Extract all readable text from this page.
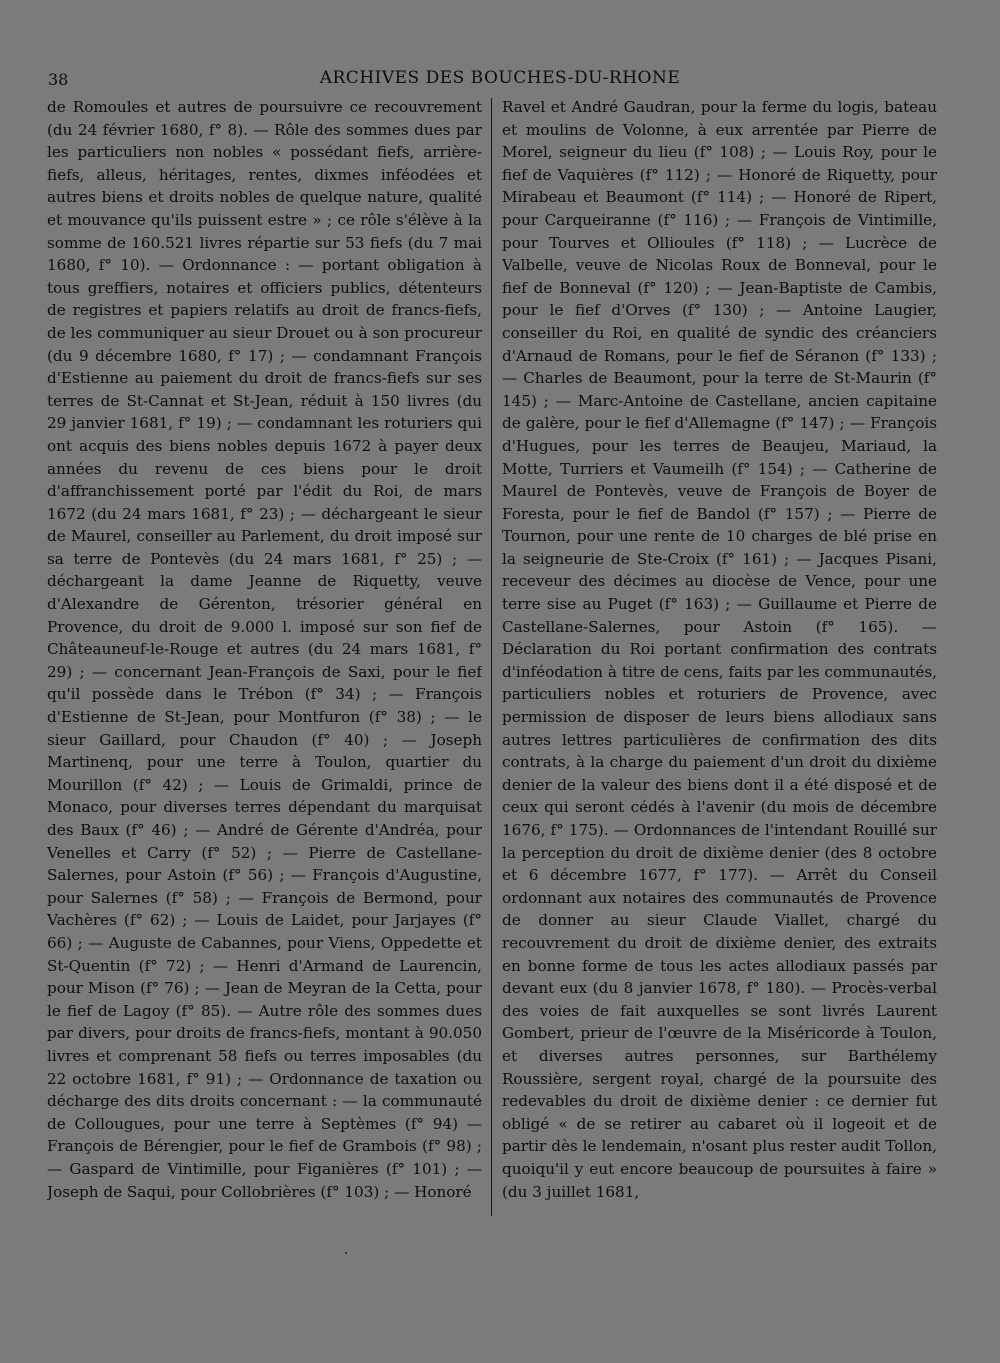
38	ARCHIVES DES BOUCHES-DU-RHONE

de Romoules et autres de poursuivre ce recouvrement (du 24 février 1680, f° 8). — Rôle des sommes dues par les particuliers non nobles « possédant fiefs, arrière-fiefs, alleus, héritages, rentes, dixmes inféodées et autres biens et droits nobles de quelque nature, qualité et mouvance qu'ils puissent estre » ; ce rôle s'élève à la somme de 160.521 livres répartie sur 53 fiefs (du 7 mai 1680, f° 10). — Ordonnance : — portant obligation à tous greffiers, notaires et officiers publics, détenteurs de registres et papiers relatifs au droit de francs-fiefs, de les communiquer au sieur Drouet ou à son procureur (du 9 décembre 1680, f° 17) ; — condamnant François d'Estienne au paiement du droit de francs-fiefs sur ses terres de St-Cannat et St-Jean, réduit à 150 livres (du 29 janvier 1681, f° 19) ; — condamnant les roturiers qui ont acquis des biens nobles depuis 1672 à payer deux années du revenu de ces biens pour le droit d'affranchissement porté par l'édit du Roi, de mars 1672 (du 24 mars 1681, f° 23) ; — déchargeant le sieur de Maurel, conseiller au Parlement, du droit imposé sur sa terre de Pontevès (du 24 mars 1681, f° 25) ; — déchargeant la dame Jeanne de Riquetty, veuve d'Alexandre de Gérenton, trésorier général en Provence, du droit de 9.000 l. imposé sur son fief de Châteauneuf-le-Rouge et autres (du 24 mars 1681, f° 29) ; — concernant Jean-François de Saxi, pour le fief qu'il possède dans le Trébon (f° 34) ; — François d'Estienne de St-Jean, pour Montfuron (f° 38) ; — le sieur Gaillard, pour Chaudon (f° 40) ; — Joseph Martinenq, pour une terre à Toulon, quartier du Mourillon (f° 42) ; — Louis de Grimaldi, prince de Monaco, pour diverses terres dépendant du marquisat des Baux (f° 46) ; — André de Gérente d'Andréa, pour Venelles et Carry (f° 52) ; — Pierre de Castellane-Salernes, pour Astoin (f° 56) ; — François d'Augustine, pour Salernes (f° 58) ; — François de Bermond, pour Vachères (f° 62) ; — Louis de Laidet, pour Jarjayes (f° 66) ; — Auguste de Cabannes, pour Viens, Oppedette et St-Quentin (f° 72) ; — Henri d'Armand de Laurencin, pour Mison (f° 76) ; — Jean de Meyran de la Cetta, pour le fief de Lagoy (f° 85). — Autre rôle des sommes dues par divers, pour droits de francs-fiefs, montant à 90.050 livres et comprenant 58 fiefs ou terres imposables (du 22 octobre 1681, f° 91) ; — Ordonnance de taxation ou décharge des dits droits concernant : — la communauté de Collougues, pour une terre à Septèmes (f° 94) — François de Bérengier, pour le fief de Grambois (f° 98) ; — Gaspard de Vintimille, pour Figanières (f° 101) ; — Joseph de Saqui, pour Collobrières (f° 103) ; — Honoré

Ravel et André Gaudran, pour la ferme du logis, bateau et moulins de Volonne, à eux arrentée par Pierre de Morel, seigneur du lieu (f° 108) ; — Louis Roy, pour le fief de Vaquières (f° 112) ; — Honoré de Riquetty, pour Mirabeau et Beaumont (f° 114) ; — Honoré de Ripert, pour Carqueiranne (f° 116) ; — François de Vintimille, pour Tourves et Ollioules (f° 118) ; — Lucrèce de Valbelle, veuve de Nicolas Roux de Bonneval, pour le fief de Bonneval (f° 120) ; — Jean-Baptiste de Cambis, pour le fief d'Orves (f° 130) ; — Antoine Laugier, conseiller du Roi, en qualité de syndic des créanciers d'Arnaud de Romans, pour le fief de Séranon (f° 133) ; — Charles de Beaumont, pour la terre de St-Maurin (f° 145) ; — Marc-Antoine de Castellane, ancien capitaine de galère, pour le fief d'Allemagne (f° 147) ; — François d'Hugues, pour les terres de Beaujeu, Mariaud, la Motte, Turriers et Vaumeilh (f° 154) ; — Catherine de Maurel de Pontevès, veuve de François de Boyer de Foresta, pour le fief de Bandol (f° 157) ; — Pierre de Tournon, pour une rente de 10 charges de blé prise en la seigneurie de Ste-Croix (f° 161) ; — Jacques Pisani, receveur des décimes au diocèse de Vence, pour une terre sise au Puget (f° 163) ; — Guillaume et Pierre de Castellane-Salernes, pour Astoin (f° 165). — Déclaration du Roi portant confirmation des contrats d'inféodation à titre de cens, faits par les communautés, particuliers nobles et roturiers de Provence, avec permission de disposer de leurs biens allodiaux sans autres lettres particulières de confirmation des dits contrats, à la charge du paiement d'un droit du dixième denier de la valeur des biens dont il a été disposé et de ceux qui seront cédés à l'avenir (du mois de décembre 1676, f° 175). — Ordonnances de l'intendant Rouillé sur la perception du droit de dixième denier (des 8 octobre et 6 décembre 1677, f° 177). — Arrêt du Conseil ordonnant aux notaires des communautés de Provence de donner au sieur Claude Viallet, chargé du recouvrement du droit de dixième denier, des extraits en bonne forme de tous les actes allodiaux passés par devant eux (du 8 janvier 1678, f° 180). — Procès-verbal des voies de fait auxquelles se sont livrés Laurent Gombert, prieur de l'œuvre de la Miséricorde à Toulon, et diverses autres personnes, sur Barthélemy Roussière, sergent royal, chargé de la poursuite des redevables du droit de dixième denier : ce dernier fut obligé « de se retirer au cabaret où il logeoit et de partir dès le lendemain, n'osant plus rester audit Tollon, quoiqu'il y eut encore beaucoup de poursuites à faire » (du 3 juillet 1681,
